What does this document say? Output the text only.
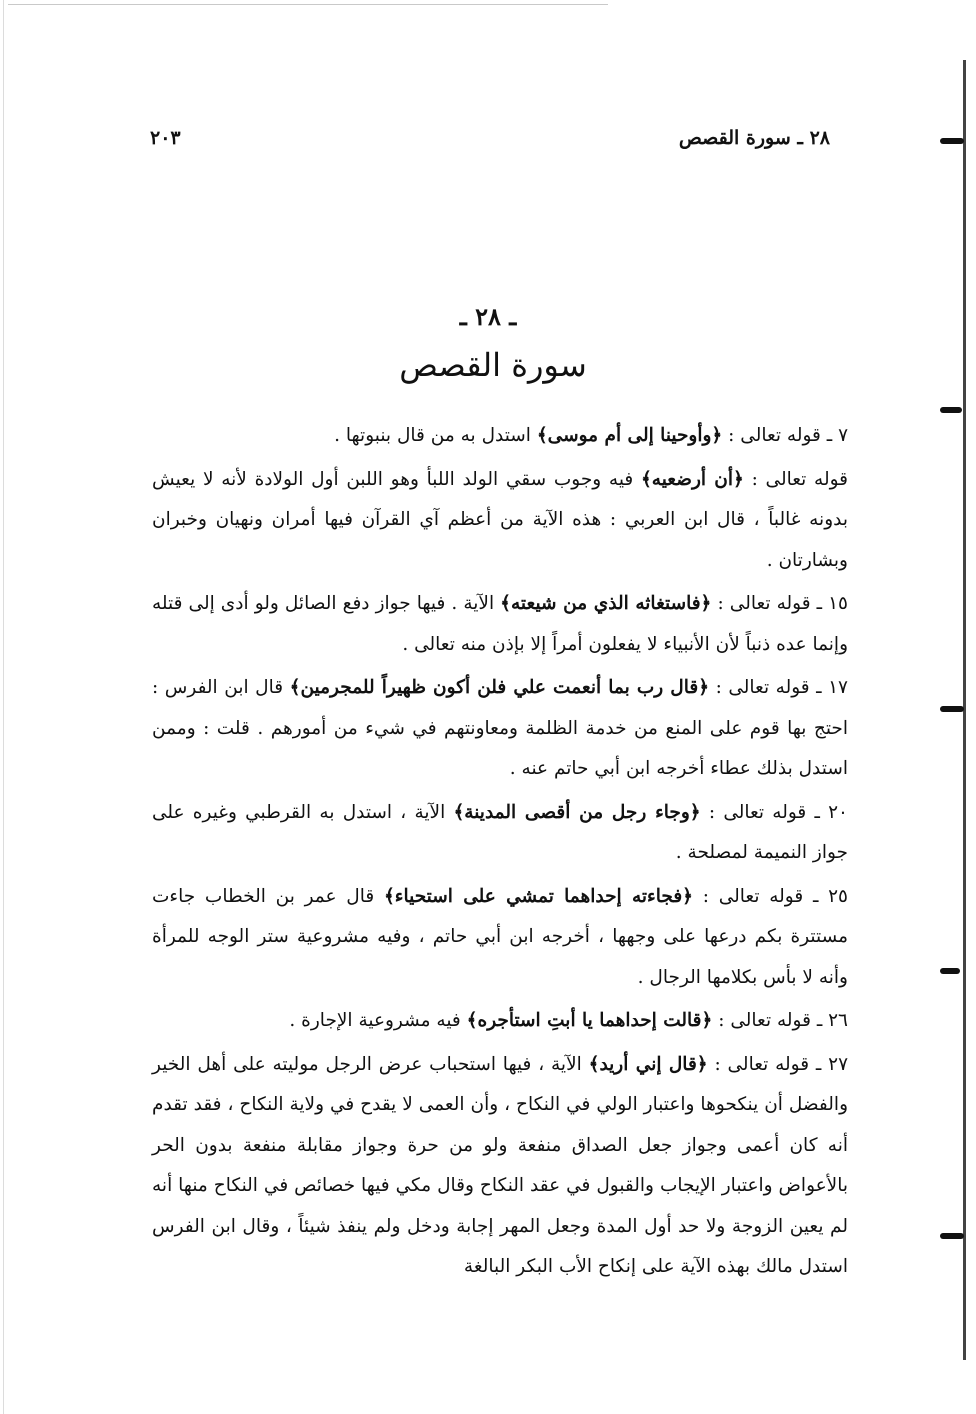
٢٨ ـ سورة القصص
٢٠٣
ـ ٢٨ ـ
سورة القصص

٧ ـ قوله تعالى : ﴿وأوحينا إلى أم موسى﴾ استدل به من قال بنبوتها .

قوله تعالى : ﴿أن أرضعيه﴾ فيه وجوب سقي الولد اللبأ وهو اللبن أول الولادة لأنه لا يعيش بدونه غالباً ، قال ابن العربي : هذه الآية من أعظم آي القرآن فيها أمران ونهيان وخبران وبشارتان .

١٥ ـ قوله تعالى : ﴿فاستغاثه الذي من شيعته﴾ الآية . فيها جواز دفع الصائل ولو أدى إلى قتله وإنما عده ذنباً لأن الأنبياء لا يفعلون أمراً إلا بإذن منه تعالى .

١٧ ـ قوله تعالى : ﴿قال رب بما أنعمت علي فلن أكون ظهيراً للمجرمين﴾ قال ابن الفرس : احتج بها قوم على المنع من خدمة الظلمة ومعاونتهم في شيء من أمورهم . قلت : وممن استدل بذلك عطاء أخرجه ابن أبي حاتم عنه .

٢٠ ـ قوله تعالى : ﴿وجاء رجل من أقصى المدينة﴾ الآية ، استدل به القرطبي وغيره على جواز النميمة لمصلحة .

٢٥ ـ قوله تعالى : ﴿فجاءته إحداهما تمشي على استحياء﴾ قال عمر بن الخطاب جاءت مستترة بكم درعها على وجهها ، أخرجه ابن أبي حاتم ، وفيه مشروعية ستر الوجه للمرأة وأنه لا بأس بكلامها الرجال .

٢٦ ـ قوله تعالى : ﴿قالت إحداهما يا أبتِ استأجره﴾ فيه مشروعية الإجارة .

٢٧ ـ قوله تعالى : ﴿قال إني أريد﴾ الآية ، فيها استحباب عرض الرجل موليته على أهل الخير والفضل أن ينكحوها واعتبار الولي في النكاح ، وأن العمى لا يقدح في ولاية النكاح ، فقد تقدم أنه كان أعمى وجواز جعل الصداق منفعة ولو من حرة وجواز مقابلة منفعة بدون الحر بالأعواض واعتبار الإيجاب والقبول في عقد النكاح وقال مكي فيها خصائص في النكاح منها أنه لم يعين الزوجة ولا حد أول المدة وجعل المهر إجابة ودخل ولم ينفذ شيئاً ، وقال ابن الفرس استدل مالك بهذه الآية على إنكاح الأب البكر البالغة
